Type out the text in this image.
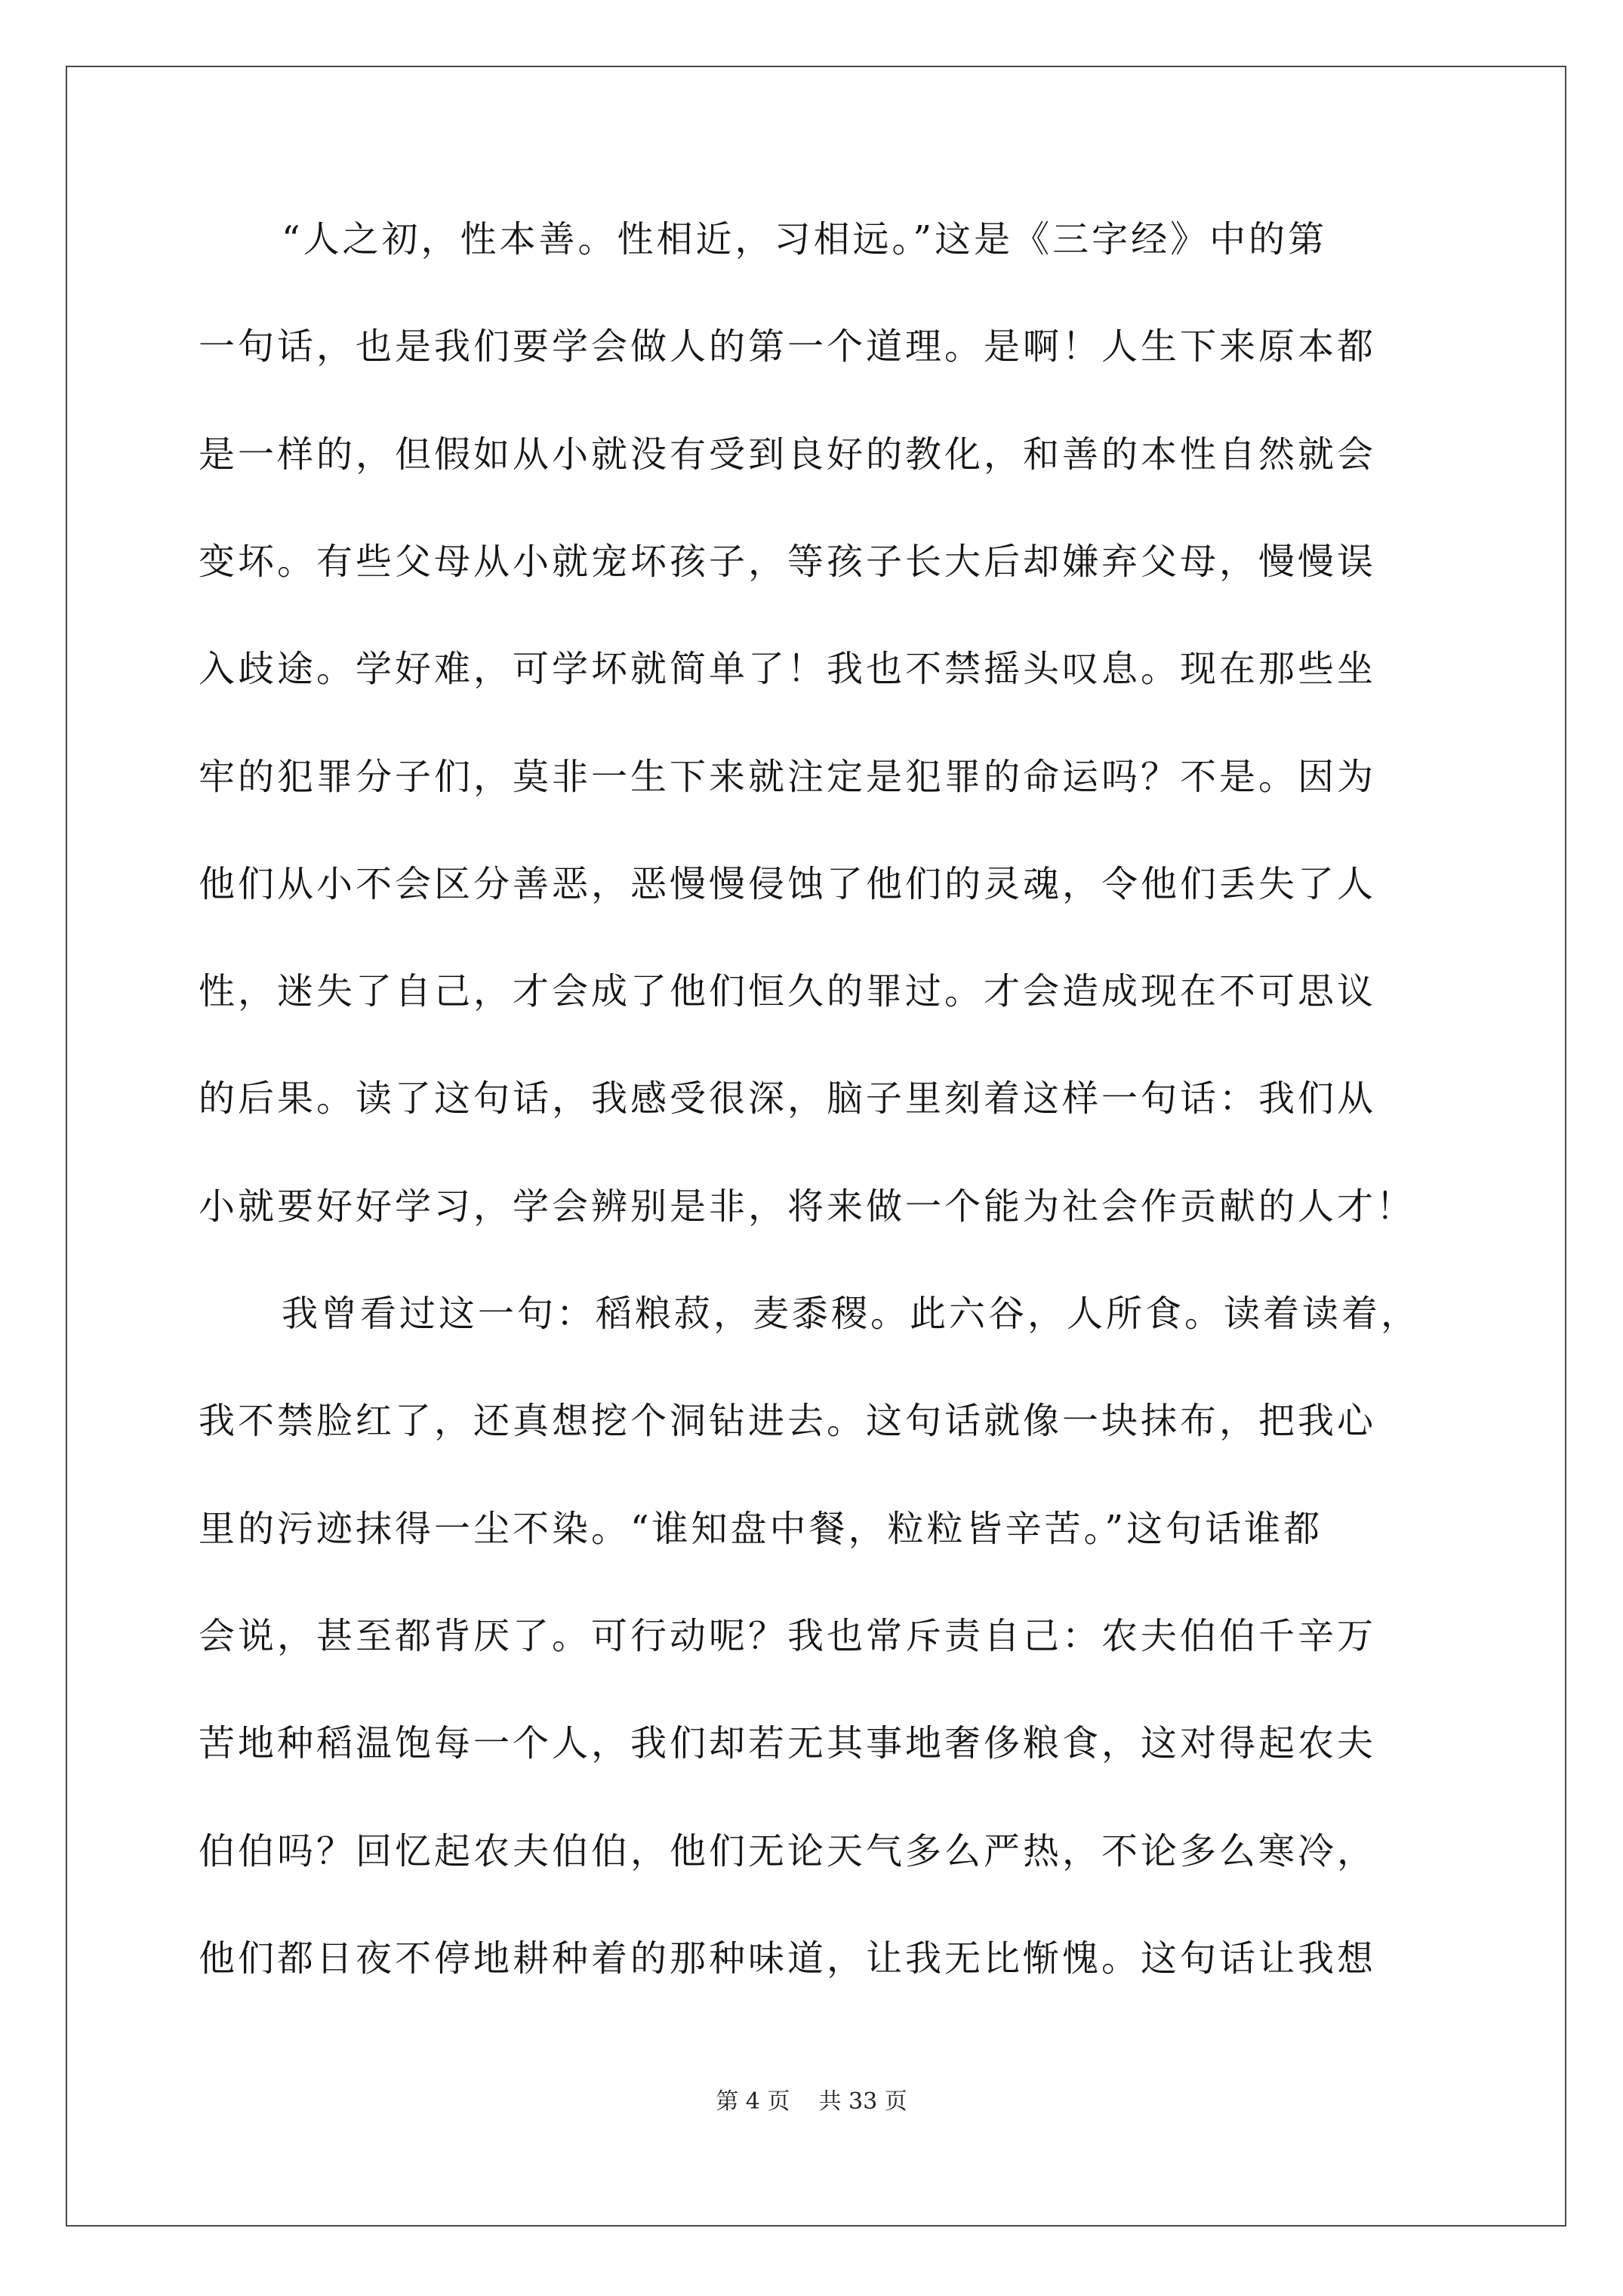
“人之初，性本善。性相近，习相远。”这是《三字经》中的第
一句话，也是我们要学会做人的第一个道理。是啊！人生下来原本都
是一样的，但假如从小就没有受到良好的教化，和善的本性自然就会
变坏。有些父母从小就宠坏孩子，等孩子长大后却嫌弃父母，慢慢误
入歧途。学好难，可学坏就简单了！我也不禁摇头叹息。现在那些坐
牢的犯罪分子们，莫非一生下来就注定是犯罪的命运吗？不是。因为
他们从小不会区分善恶，恶慢慢侵蚀了他们的灵魂，令他们丢失了人
性，迷失了自己，才会成了他们恒久的罪过。才会造成现在不可思议
的后果。读了这句话，我感受很深，脑子里刻着这样一句话：我们从
小就要好好学习，学会辨别是非，将来做一个能为社会作贡献的人才！
我曾看过这一句：稻粮菽，麦黍稷。此六谷，人所食。读着读着，
我不禁脸红了，还真想挖个洞钻进去。这句话就像一块抹布，把我心
里的污迹抹得一尘不染。“谁知盘中餐，粒粒皆辛苦。”这句话谁都
会说，甚至都背厌了。可行动呢？我也常斥责自己：农夫伯伯千辛万
苦地种稻温饱每一个人，我们却若无其事地奢侈粮食，这对得起农夫
伯伯吗？回忆起农夫伯伯，他们无论天气多么严热，不论多么寒冷，
他们都日夜不停地耕种着的那种味道，让我无比惭愧。这句话让我想
第 4 页    共 33 页
